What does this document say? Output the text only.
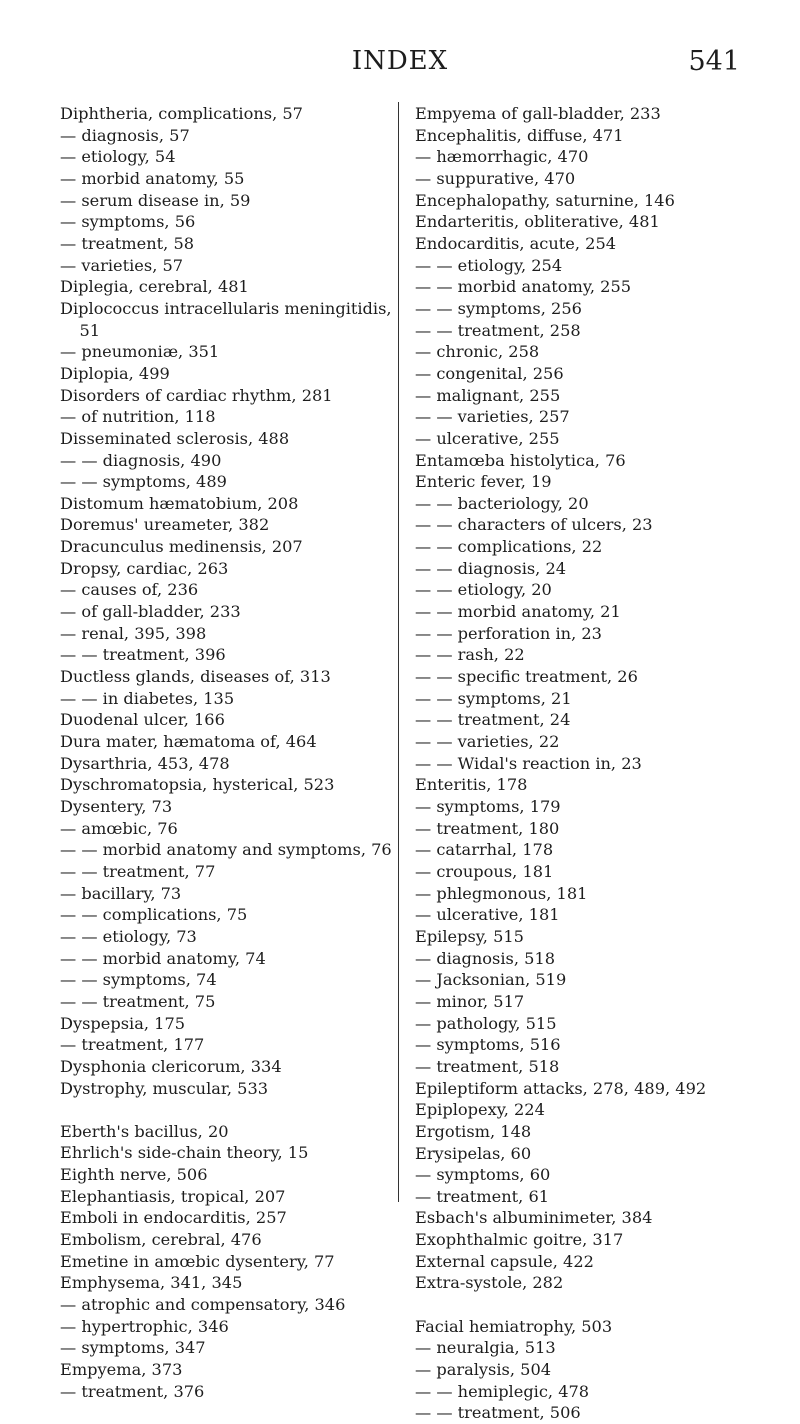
INDEX	541
Diphtheria, complications, 57
— diagnosis, 57
— etiology, 54
— morbid anatomy, 55
— serum disease in, 59
— symptoms, 56
— treatment, 58
— varieties, 57
Diplegia, cerebral, 481
Diplococcus intracellularis meningitidis, 51
— pneumoniæ, 351
Diplopia, 499
Disorders of cardiac rhythm, 281
— of nutrition, 118
Disseminated sclerosis, 488
— — diagnosis, 490
— — symptoms, 489
Distomum hæmatobium, 208
Doremus' ureameter, 382
Dracunculus medinensis, 207
Dropsy, cardiac, 263
— causes of, 236
— of gall-bladder, 233
— renal, 395, 398
— — treatment, 396
Ductless glands, diseases of, 313
— — in diabetes, 135
Duodenal ulcer, 166
Dura mater, hæmatoma of, 464
Dysarthria, 453, 478
Dyschromatopsia, hysterical, 523
Dysentery, 73
— amœbic, 76
— — morbid anatomy and symptoms, 76
— — treatment, 77
— bacillary, 73
— — complications, 75
— — etiology, 73
— — morbid anatomy, 74
— — symptoms, 74
— — treatment, 75
Dyspepsia, 175
— treatment, 177
Dysphonia clericorum, 334
Dystrophy, muscular, 533
Eberth's bacillus, 20
Ehrlich's side-chain theory, 15
Eighth nerve, 506
Elephantiasis, tropical, 207
Emboli in endocarditis, 257
Embolism, cerebral, 476
Emetine in amœbic dysentery, 77
Emphysema, 341, 345
— atrophic and compensatory, 346
— hypertrophic, 346
— symptoms, 347
Empyema, 373
— treatment, 376
Empyema of gall-bladder, 233
Encephalitis, diffuse, 471
— hæmorrhagic, 470
— suppurative, 470
Encephalopathy, saturnine, 146
Endarteritis, obliterative, 481
Endocarditis, acute, 254
— — etiology, 254
— — morbid anatomy, 255
— — symptoms, 256
— — treatment, 258
— chronic, 258
— congenital, 256
— malignant, 255
— — varieties, 257
— ulcerative, 255
Entamœba histolytica, 76
Enteric fever, 19
— — bacteriology, 20
— — characters of ulcers, 23
— — complications, 22
— — diagnosis, 24
— — etiology, 20
— — morbid anatomy, 21
— — perforation in, 23
— — rash, 22
— — specific treatment, 26
— — symptoms, 21
— — treatment, 24
— — varieties, 22
— — Widal's reaction in, 23
Enteritis, 178
— symptoms, 179
— treatment, 180
— catarrhal, 178
— croupous, 181
— phlegmonous, 181
— ulcerative, 181
Epilepsy, 515
— diagnosis, 518
— Jacksonian, 519
— minor, 517
— pathology, 515
— symptoms, 516
— treatment, 518
Epileptiform attacks, 278, 489, 492
Epiplopexy, 224
Ergotism, 148
Erysipelas, 60
— symptoms, 60
— treatment, 61
Esbach's albuminimeter, 384
Exophthalmic goitre, 317
External capsule, 422
Extra-systole, 282
Facial hemiatrophy, 503
— neuralgia, 513
— paralysis, 504
— — hemiplegic, 478
— — treatment, 506
